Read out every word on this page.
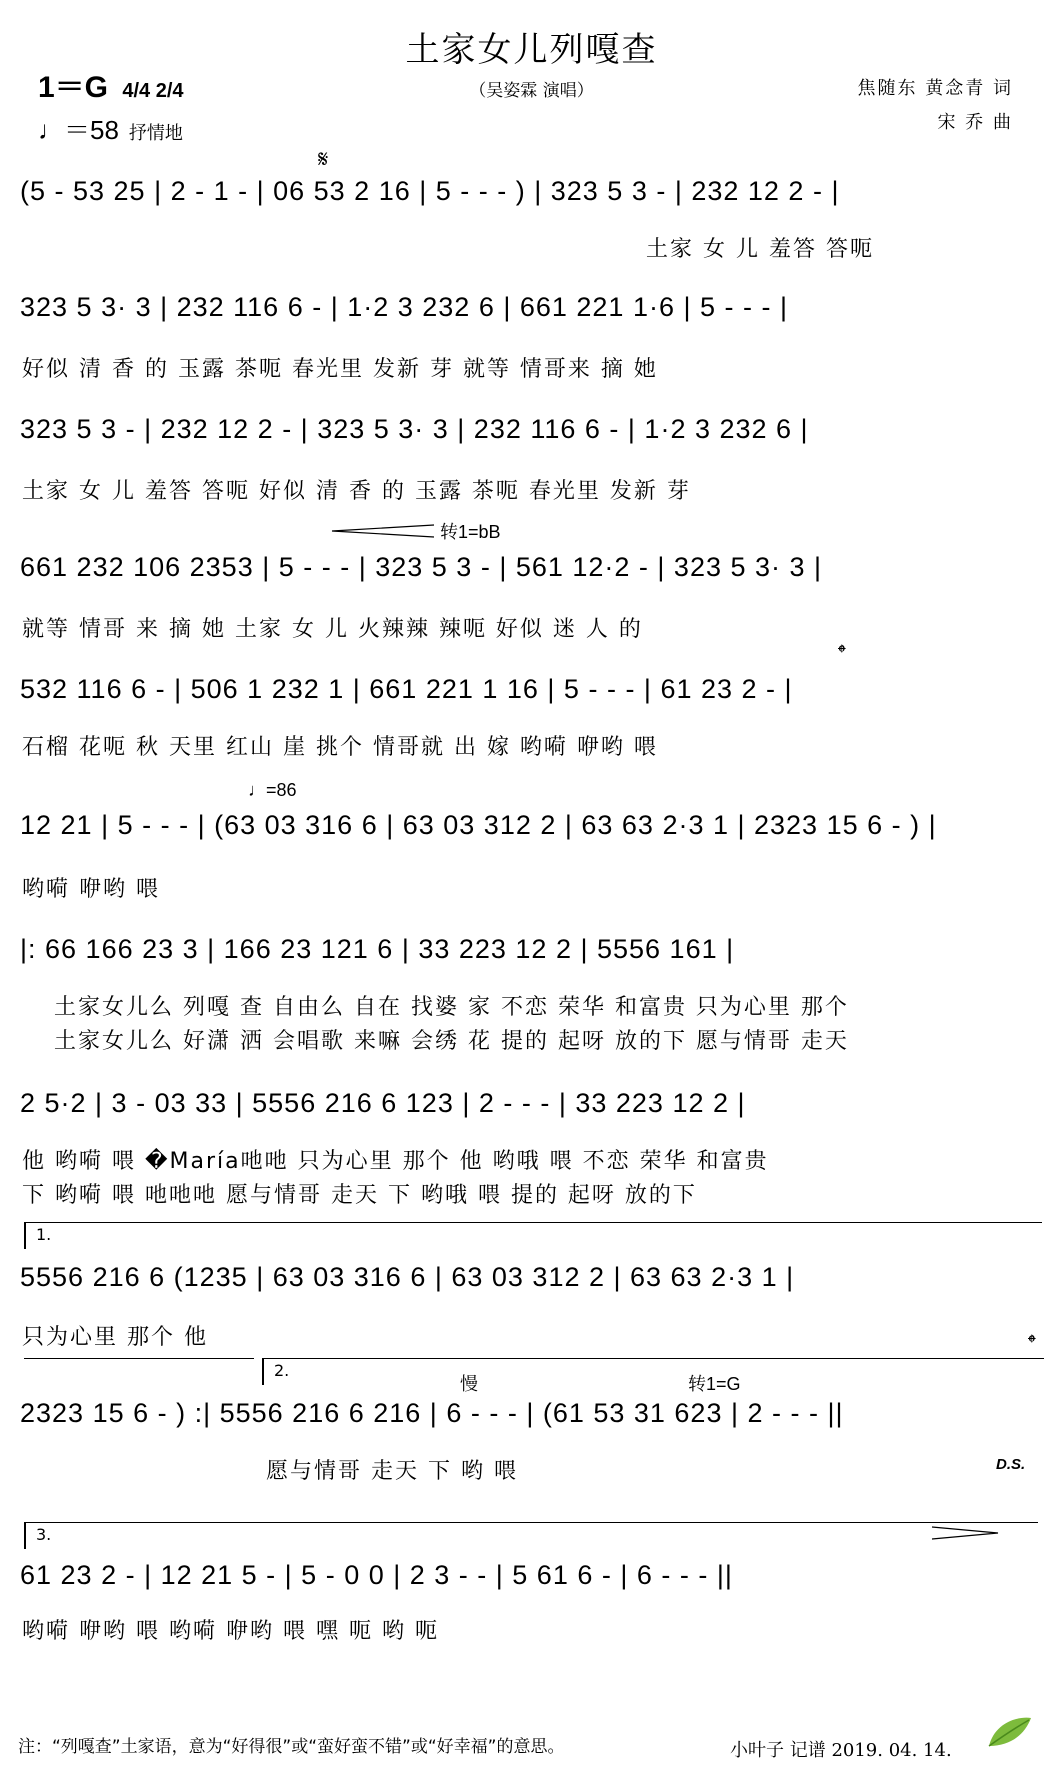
土家女儿列嘎查
（吴姿霖 演唱）
1＝G 4/4 2/4
♩＝58 抒情地
焦随东 黄念青 词
宋 乔 曲
𝄋
转1=bB
𝄌
♩=86
慢	转1=G
𝄌
D.S.
1.
2.
3.
(5 - 53 25 | 2 - 1 - | 06 53 2 16 | 5 - - - ) | 323 5 3 - | 232 12 2 - |
土家 女 儿 羞答 答呃
323 5 3· 3 | 232 116 6 - | 1·2 3 232 6 | 661 221 1·6 | 5 - - - |
好似 清 香 的 玉露 茶呃 春光里 发新 芽 就等 情哥来 摘 她
323 5 3 - | 232 12 2 - | 323 5 3· 3 | 232 116 6 - | 1·2 3 232 6 |
土家 女 儿 羞答 答呃 好似 清 香 的 玉露 茶呃 春光里 发新 芽
661 232 106 2353 | 5 - - - | 323 5 3 - | 561 12·2 - | 323 5 3· 3 |
就等 情哥 来 摘 她 土家 女 儿 火辣辣 辣呃 好似 迷 人 的
532 116 6 - | 506 1 232 1 | 661 221 1 16 | 5 - - - | 61 23 2 - |
石榴 花呃 秋 天里 红山 崖 挑个 情哥就 出 嫁 哟嗬 咿哟 喂
12 21 | 5 - - - | (63 03 316 6 | 63 03 312 2 | 63 63 2·3 1 | 2323 15 6 - ) |
哟嗬 咿哟 喂
|: 66 166 23 3 | 166 23 121 6 | 33 223 12 2 | 5556 161 |
土家女儿么 列嘎 查 自由么 自在 找婆 家 不恋 荣华 和富贵 只为心里 那个
土家女儿么 好潇 洒 会唱歌 来嘛 会绣 花 提的 起呀 放的下 愿与情哥 走天
2 5·2 | 3 - 03 33 | 5556 216 6 123 | 2 - - - | 33 223 12 2 |
他 哟嗬 喂 �María吔吔 只为心里 那个 他 哟哦 喂 不恋 荣华 和富贵
下 哟嗬 喂 吔吔吔 愿与情哥 走天 下 哟哦 喂 提的 起呀 放的下
5556 216 6 (1235 | 63 03 316 6 | 63 03 312 2 | 63 63 2·3 1 |
只为心里 那个 他
2323 15 6 - ) :| 5556 216 6 216 | 6 - - - | (61 53 31 623 | 2 - - - ||
愿与情哥 走天 下 哟 喂
61 23 2 - | 12 21 5 - | 5 - 0 0 | 2 3 - - | 5 61 6 - | 6 - - - ||
哟嗬 咿哟 喂 哟嗬 咿哟 喂 嘿 呃 哟 呃
注：“列嘎查”土家语，意为“好得很”或“蛮好蛮不错”或“好幸福”的意思。	小叶子 记谱 2019. 04. 14.
